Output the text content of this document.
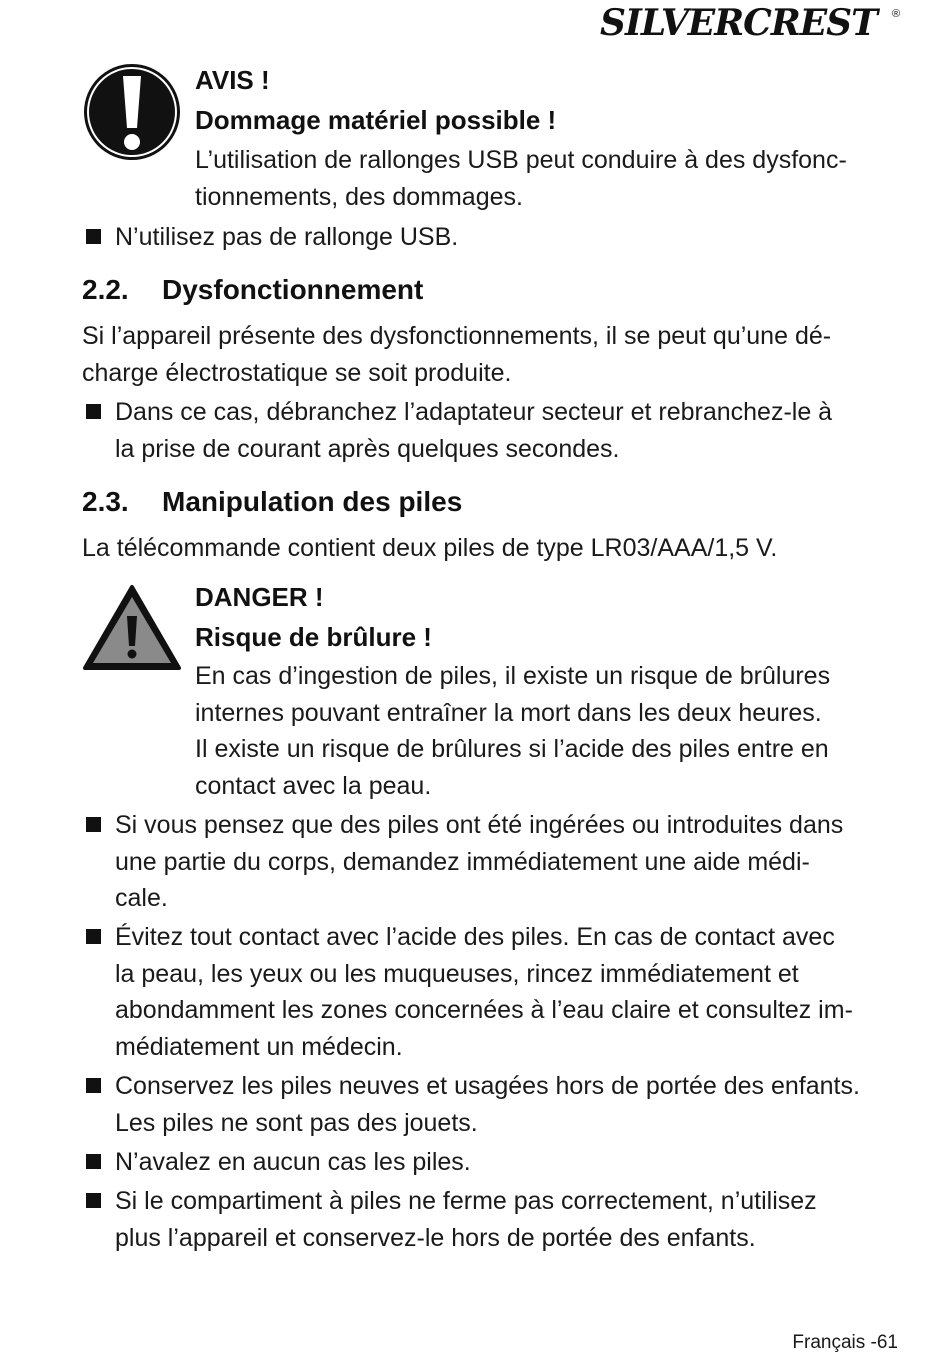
SILVERCREST ®
AVIS !
Dommage matériel possible !
L’utilisation de rallonges USB peut conduire à des dysfonc-
tionnements, des dommages.
N’utilisez pas de rallonge USB.
2.2. Dysfonctionnement
Si l’appareil présente des dysfonctionnements, il se peut qu’une dé-
charge électrostatique se soit produite.
Dans ce cas, débranchez l’adaptateur secteur et rebranchez-le à
la prise de courant après quelques secondes.
2.3. Manipulation des piles
La télécommande contient deux piles de type LR03/AAA/1,5 V.
DANGER !
Risque de brûlure !
En cas d’ingestion de piles, il existe un risque de brûlures
internes pouvant entraîner la mort dans les deux heures.
Il existe un risque de brûlures si l’acide des piles entre en
contact avec la peau.
Si vous pensez que des piles ont été ingérées ou introduites dans
une partie du corps, demandez immédiatement une aide médi-
cale.
Évitez tout contact avec l’acide des piles. En cas de contact avec
la peau, les yeux ou les muqueuses, rincez immédiatement et
abondamment les zones concernées à l’eau claire et consultez im-
médiatement un médecin.
Conservez les piles neuves et usagées hors de portée des enfants.
Les piles ne sont pas des jouets.
N’avalez en aucun cas les piles.
Si le compartiment à piles ne ferme pas correctement, n’utilisez
plus l’appareil et conservez-le hors de portée des enfants.
Français -61
